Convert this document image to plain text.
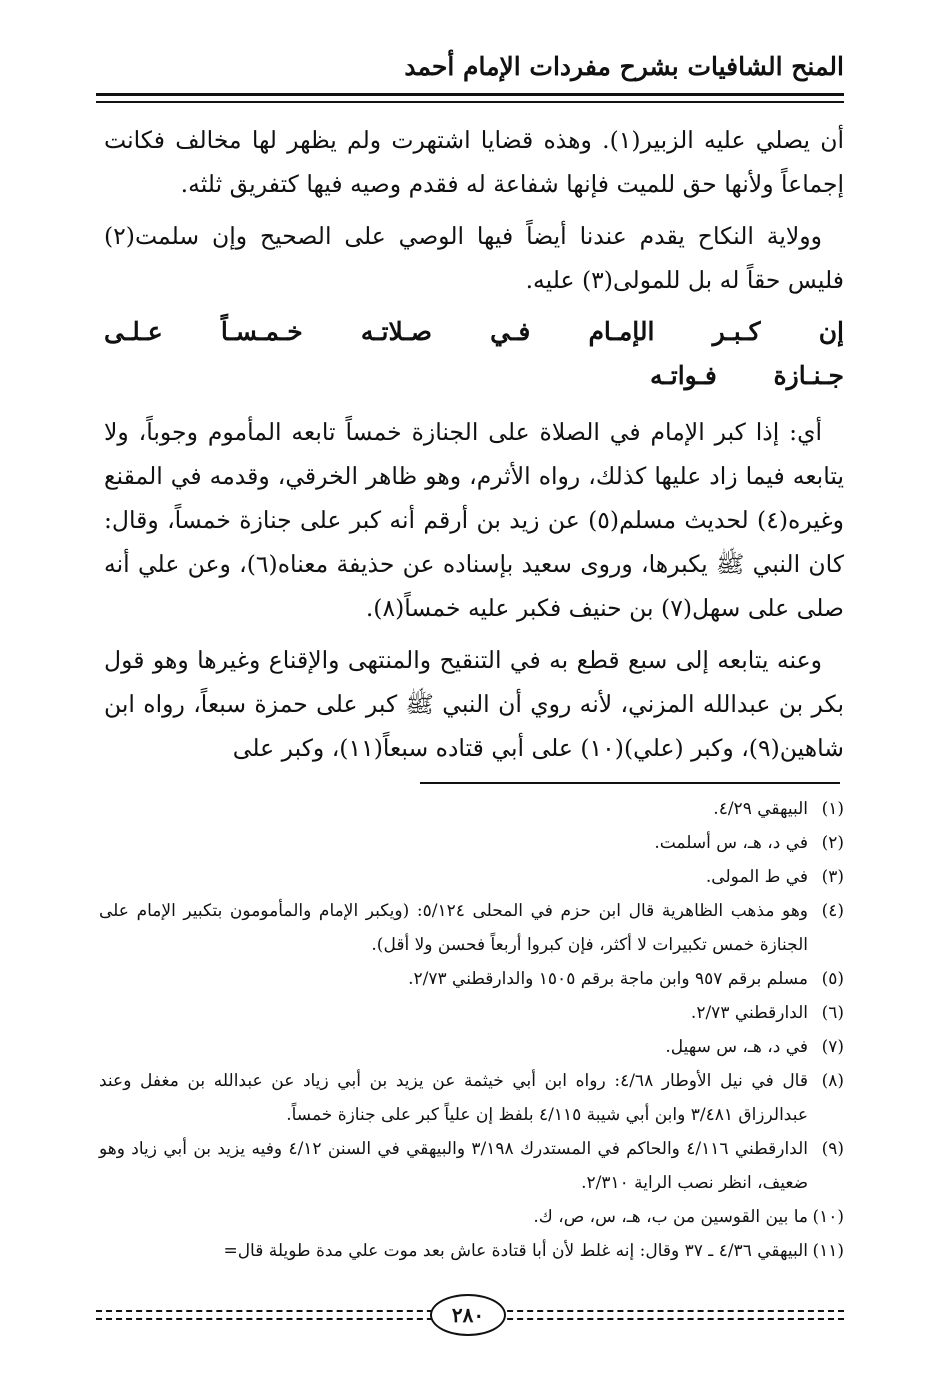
المنح الشافيات بشرح مفردات الإمام أحمد

أن يصلي عليه الزبير(١). وهذه قضايا اشتهرت ولم يظهر لها مخالف فكانت إجماعاً ولأنها حق للميت فإنها شفاعة له فقدم وصيه فيها كتفريق ثلثه.

وولاية النكاح يقدم عندنا أيضاً فيها الوصي على الصحيح وإن سلمت(٢) فليس حقاً له بل للمولى(٣) عليه.

إن كـبـر الإمـام فـي صـلاتـه خـمـسـاً عـلـى جـنـازة فـواتـه

أي: إذا كبر الإمام في الصلاة على الجنازة خمساً تابعه المأموم وجوباً، ولا يتابعه فيما زاد عليها كذلك، رواه الأثرم، وهو ظاهر الخرقي، وقدمه في المقنع وغيره(٤) لحديث مسلم(٥) عن زيد بن أرقم أنه كبر على جنازة خمساً، وقال: كان النبي ﷺ يكبرها، وروى سعيد بإسناده عن حذيفة معناه(٦)، وعن علي أنه صلى على سهل(٧) بن حنيف فكبر عليه خمساً(٨).

وعنه يتابعه إلى سبع قطع به في التنقيح والمنتهى والإقناع وغيرها وهو قول بكر بن عبدالله المزني، لأنه روي أن النبي ﷺ كبر على حمزة سبعاً، رواه ابن شاهين(٩)، وكبر (علي)(١٠) على أبي قتاده سبعاً(١١)، وكبر على

(١)
البيهقي ٤/٢٩.
(٢)
في د، هـ، س أسلمت.
(٣)
في ط المولى.
(٤)
وهو مذهب الظاهرية قال ابن حزم في المحلى ٥/١٢٤: (ويكبر الإمام والمأمومون بتكبير الإمام على الجنازة خمس تكبيرات لا أكثر، فإن كبروا أربعاً فحسن ولا أقل).
(٥)
مسلم برقم ٩٥٧ وابن ماجة برقم ١٥٠٥ والدارقطني ٢/٧٣.
(٦)
الدارقطني ٢/٧٣.
(٧)
في د، هـ، س سهيل.
(٨)
قال في نيل الأوطار ٤/٦٨: رواه ابن أبي خيثمة عن يزيد بن أبي زياد عن عبدالله بن مغفل وعند عبدالرزاق ٣/٤٨١ وابن أبي شيبة ٤/١١٥ بلفظ إن علياً كبر على جنازة خمساً.
(٩)
الدارقطني ٤/١١٦ والحاكم في المستدرك ٣/١٩٨ والبيهقي في السنن ٤/١٢ وفيه يزيد بن أبي زياد وهو ضعيف، انظر نصب الراية ٢/٣١٠.
(١٠)
ما بين القوسين من ب، هـ، س، ص، ك.
(١١)
البيهقي ٤/٣٦ ـ ٣٧ وقال: إنه غلط لأن أبا قتادة عاش بعد موت علي مدة طويلة قال=
٢٨٠
